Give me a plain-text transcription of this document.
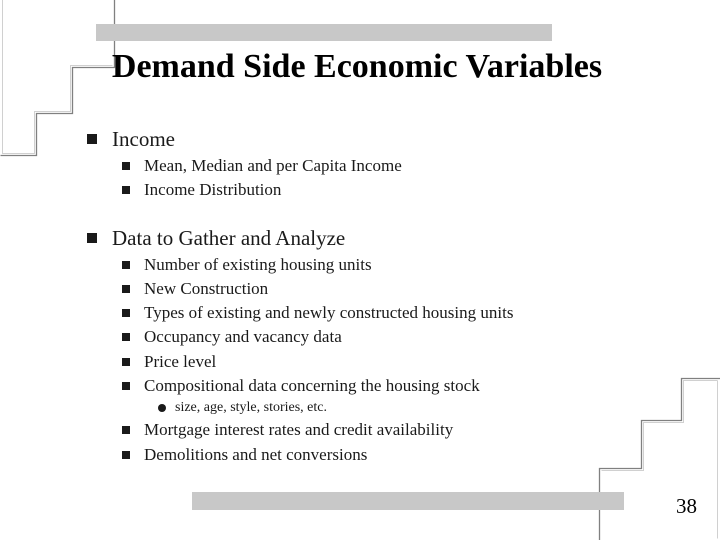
Demand Side Economic Variables
Income
Mean, Median and per Capita Income
Income Distribution
Data to Gather and Analyze
Number of existing housing units
New Construction
Types of existing and newly constructed housing units
Occupancy and vacancy data
Price level
Compositional data concerning the housing stock
size, age, style, stories, etc.
Mortgage interest rates and credit availability
Demolitions and net conversions
38
